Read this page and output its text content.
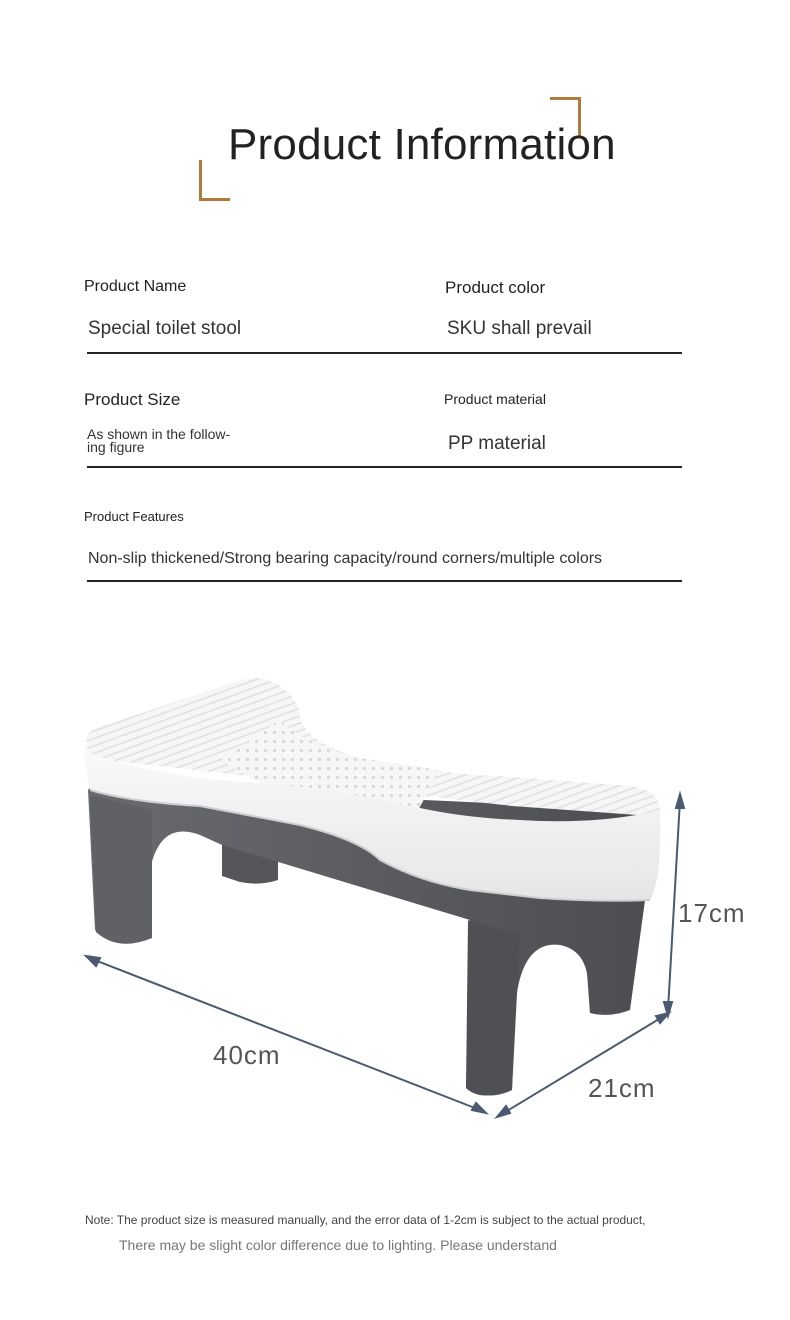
Product Information
Product Name
Special toilet stool
Product color
SKU shall prevail
Product Size
As shown in the follow-ing figure
Product material
PP material
Product Features
Non-slip thickened/Strong bearing capacity/round corners/multiple colors
40cm
21cm
17cm
Note: The product size is measured manually, and the error data of 1-2cm is subject to the actual product,
There may be slight color difference due to lighting. Please understand
